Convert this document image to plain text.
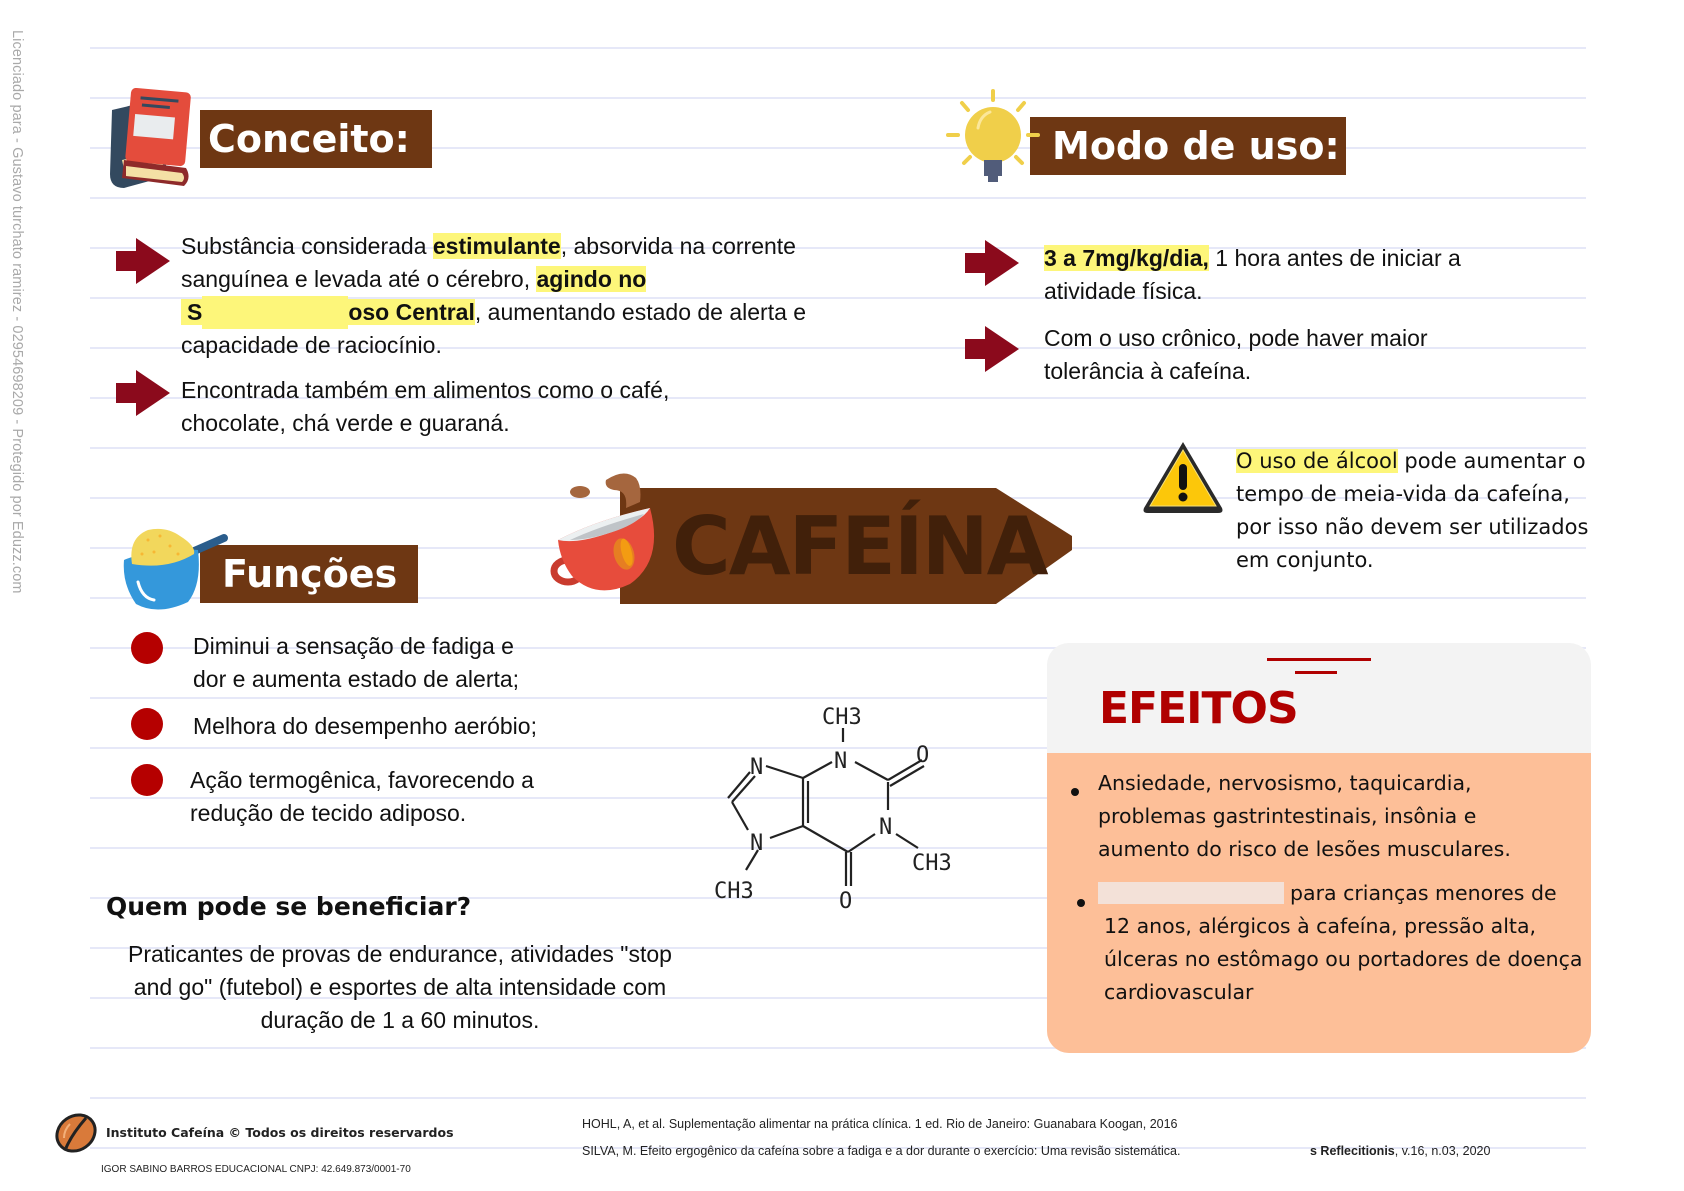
Licenciado para - Gustavo turchato ramirez - 02954698209 - Protegido por Eduzz.com	Conceito:
Substância considerada estimulante, absorvida na corrente sanguínea e levada até o cérebro, agindo no
S	oso Central, aumentando estado de alerta e capacidade de raciocínio.
Encontrada também em alimentos como o café, chocolate, chá verde e guaraná.
Modo de uso:
3 a 7mg/kg/dia, 1 hora antes de iniciar a atividade física.
Com o uso crônico, pode haver maior tolerância à cafeína.
O uso de álcool pode aumentar o tempo de meia-vida da cafeína, por isso não devem ser utilizados em conjunto.
CAFEÍNA
Funções
Diminui a sensação de fadiga e dor e aumenta estado de alerta;
Melhora do desempenho aeróbio;
Ação termogênica, favorecendo a redução de tecido adiposo.
CH3
N	O
N
CH3
N
N
CH3	O
Quem pode se beneficiar?
Praticantes de provas de endurance, atividades "stop and go" (futebol) e esportes de alta intensidade com duração de 1 a 60 minutos.
EFEITOS
Ansiedade, nervosismo, taquicardia, problemas gastrintestinais, insônia e aumento do risco de lesões musculares.
para crianças menores de 12 anos, alérgicos à cafeína, pressão alta, úlceras no estômago ou portadores de doença cardiovascular
Instituto Cafeína © Todos os direitos reservardos
IGOR SABINO BARROS EDUCACIONAL CNPJ: 42.649.873/0001-70
HOHL, A, et al. Suplementação alimentar na prática clínica. 1 ed. Rio de Janeiro: Guanabara Koogan, 2016
SILVA, M. Efeito ergogênico da cafeína sobre a fadiga e a dor durante o exercício: Uma revisão sistemática.	s Reflecitionis, v.16, n.03, 2020
